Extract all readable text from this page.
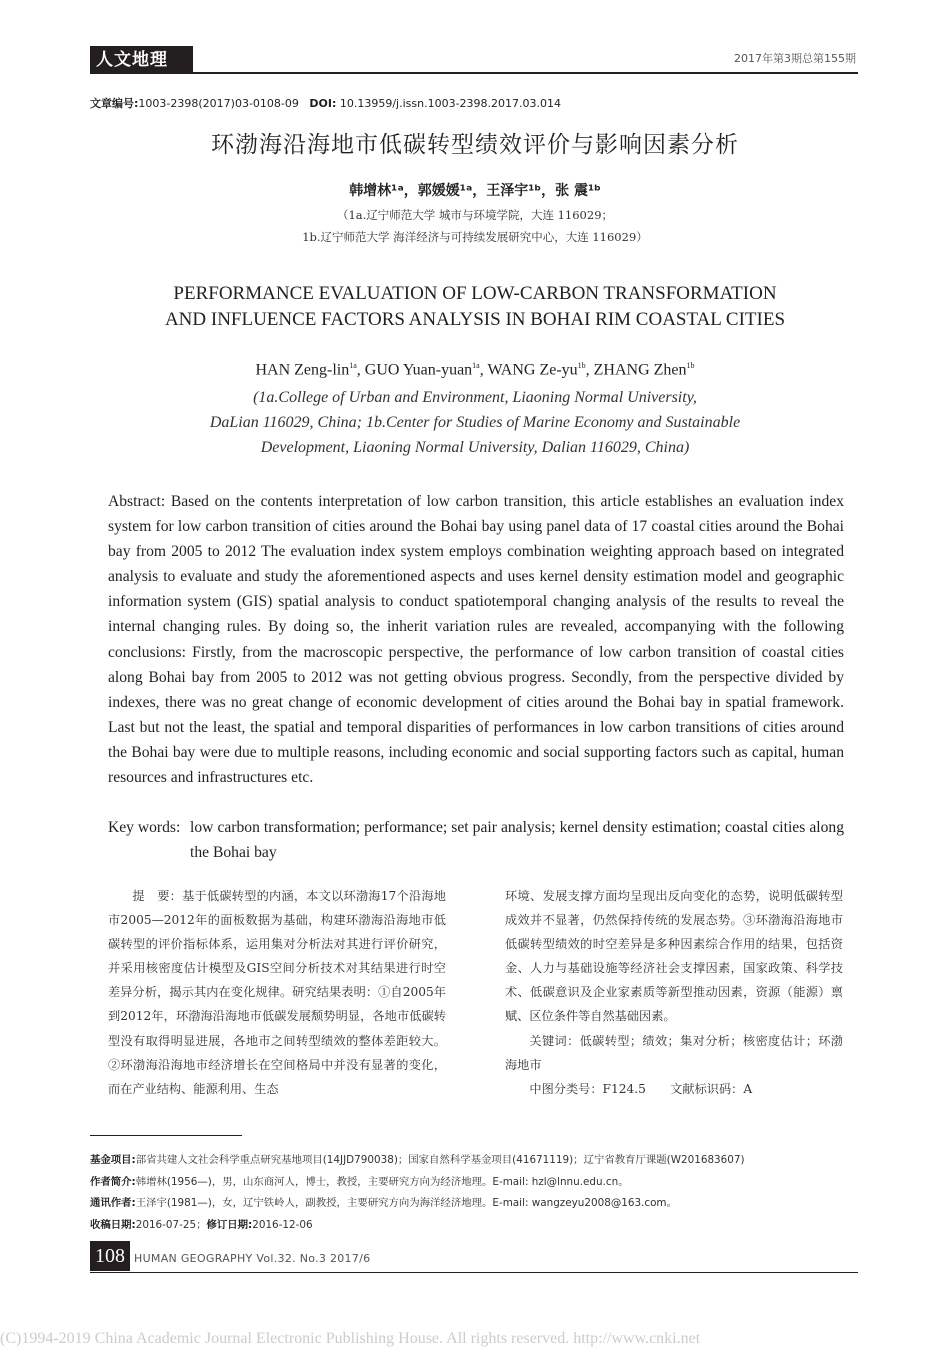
人文地理	2017年第3期总第155期
文章编号:1003-2398(2017)03-0108-09 DOI: 10.13959/j.issn.1003-2398.2017.03.014
环渤海沿海地市低碳转型绩效评价与影响因素分析
韩增林¹ᵃ，郭媛媛¹ᵃ，王泽宇¹ᵇ，张 震¹ᵇ
（1a.辽宁师范大学 城市与环境学院，大连 116029；
1b.辽宁师范大学 海洋经济与可持续发展研究中心，大连 116029）
PERFORMANCE EVALUATION OF LOW-CARBON TRANSFORMATION
AND INFLUENCE FACTORS ANALYSIS IN BOHAI RIM COASTAL CITIES
HAN Zeng-lin$^{1a}$, GUO Yuan-yuan$^{1a}$, WANG $Ze-yu^{1b}$, ZHANG Zhen$^{1b}$
(1a.College of Urban and Environment, Liaoning Normal University,
DaLian 116029, China; 1b.Center for Studies of Marine Economy and Sustainable
Development, Liaoning Normal University, Dalian 116029, China)
Abstract: Based on the contents interpretation of low carbon transition, this article establishes an evaluation index system for low carbon transition of cities around the Bohai bay using panel data of 17 coastal cities around the Bohai bay from 2005 to 2012 The evaluation index system employs combination weighting approach based on integrated analysis to evaluate and study the aforementioned aspects and uses kernel density estimation model and geographic information system (GIS) spatial analysis to conduct spatiotemporal changing analysis of the results to reveal the internal changing rules. By doing so, the inherit variation rules are revealed, accompanying with the following conclusions: Firstly, from the macroscopic perspective, the performance of low carbon transition of coastal cities along Bohai bay from 2005 to 2012 was not getting obvious progress. Secondly, from the perspective divided by indexes, there was no great change of economic development of cities around the Bohai bay in spatial framework. Last but not the least, the spatial and temporal disparities of performances in low carbon transitions of cities around the Bohai bay were due to multiple reasons, including economic and social supporting factors such as capital, human resources and infrastructures etc.
Key words: low carbon transformation; performance; set pair analysis; kernel density estimation; coastal cities along the Bohai bay

提　要：基于低碳转型的内涵，本文以环渤海17个沿海地市2005—2012年的面板数据为基础，构建环渤海沿海地市低碳转型的评价指标体系，运用集对分析法对其进行评价研究，并采用核密度估计模型及GIS空间分析技术对其结果进行时空差异分析，揭示其内在变化规律。研究结果表明：①自2005年到2012年，环渤海沿海地市低碳发展颓势明显，各地市低碳转型没有取得明显进展，各地市之间转型绩效的整体差距较大。②环渤海沿海地市经济增长在空间格局中并没有显著的变化，而在产业结构、能源利用、生态

环境、发展支撑方面均呈现出反向变化的态势，说明低碳转型成效并不显著，仍然保持传统的发展态势。③环渤海沿海地市低碳转型绩效的时空差异是多种因素综合作用的结果，包括资金、人力与基础设施等经济社会支撑因素，国家政策、科学技术、低碳意识及企业家素质等新型推动因素，资源（能源）禀赋、区位条件等自然基础因素。

关键词：低碳转型；绩效；集对分析；核密度估计；环渤海地市

中图分类号：F124.5　　文献标识码：A

基金项目:部省共建人文社会科学重点研究基地项目(14JJD790038)；国家自然科学基金项目(41671119)；辽宁省教育厅课题(W201683607)
作者简介:韩增林(1956—)，男，山东商河人，博士，教授，主要研究方向为经济地理。E-mail: hzl@lnnu.edu.cn。
通讯作者:王泽宇(1981—)，女，辽宁铁岭人，副教授，主要研究方向为海洋经济地理。E-mail: wangzeyu2008@163.com。
收稿日期:2016-07-25；修订日期:2016-12-06
108 HUMAN GEOGRAPHY Vol.32. No.3 2017/6
(C)1994-2019 China Academic Journal Electronic Publishing House. All rights reserved. http://www.cnki.net
